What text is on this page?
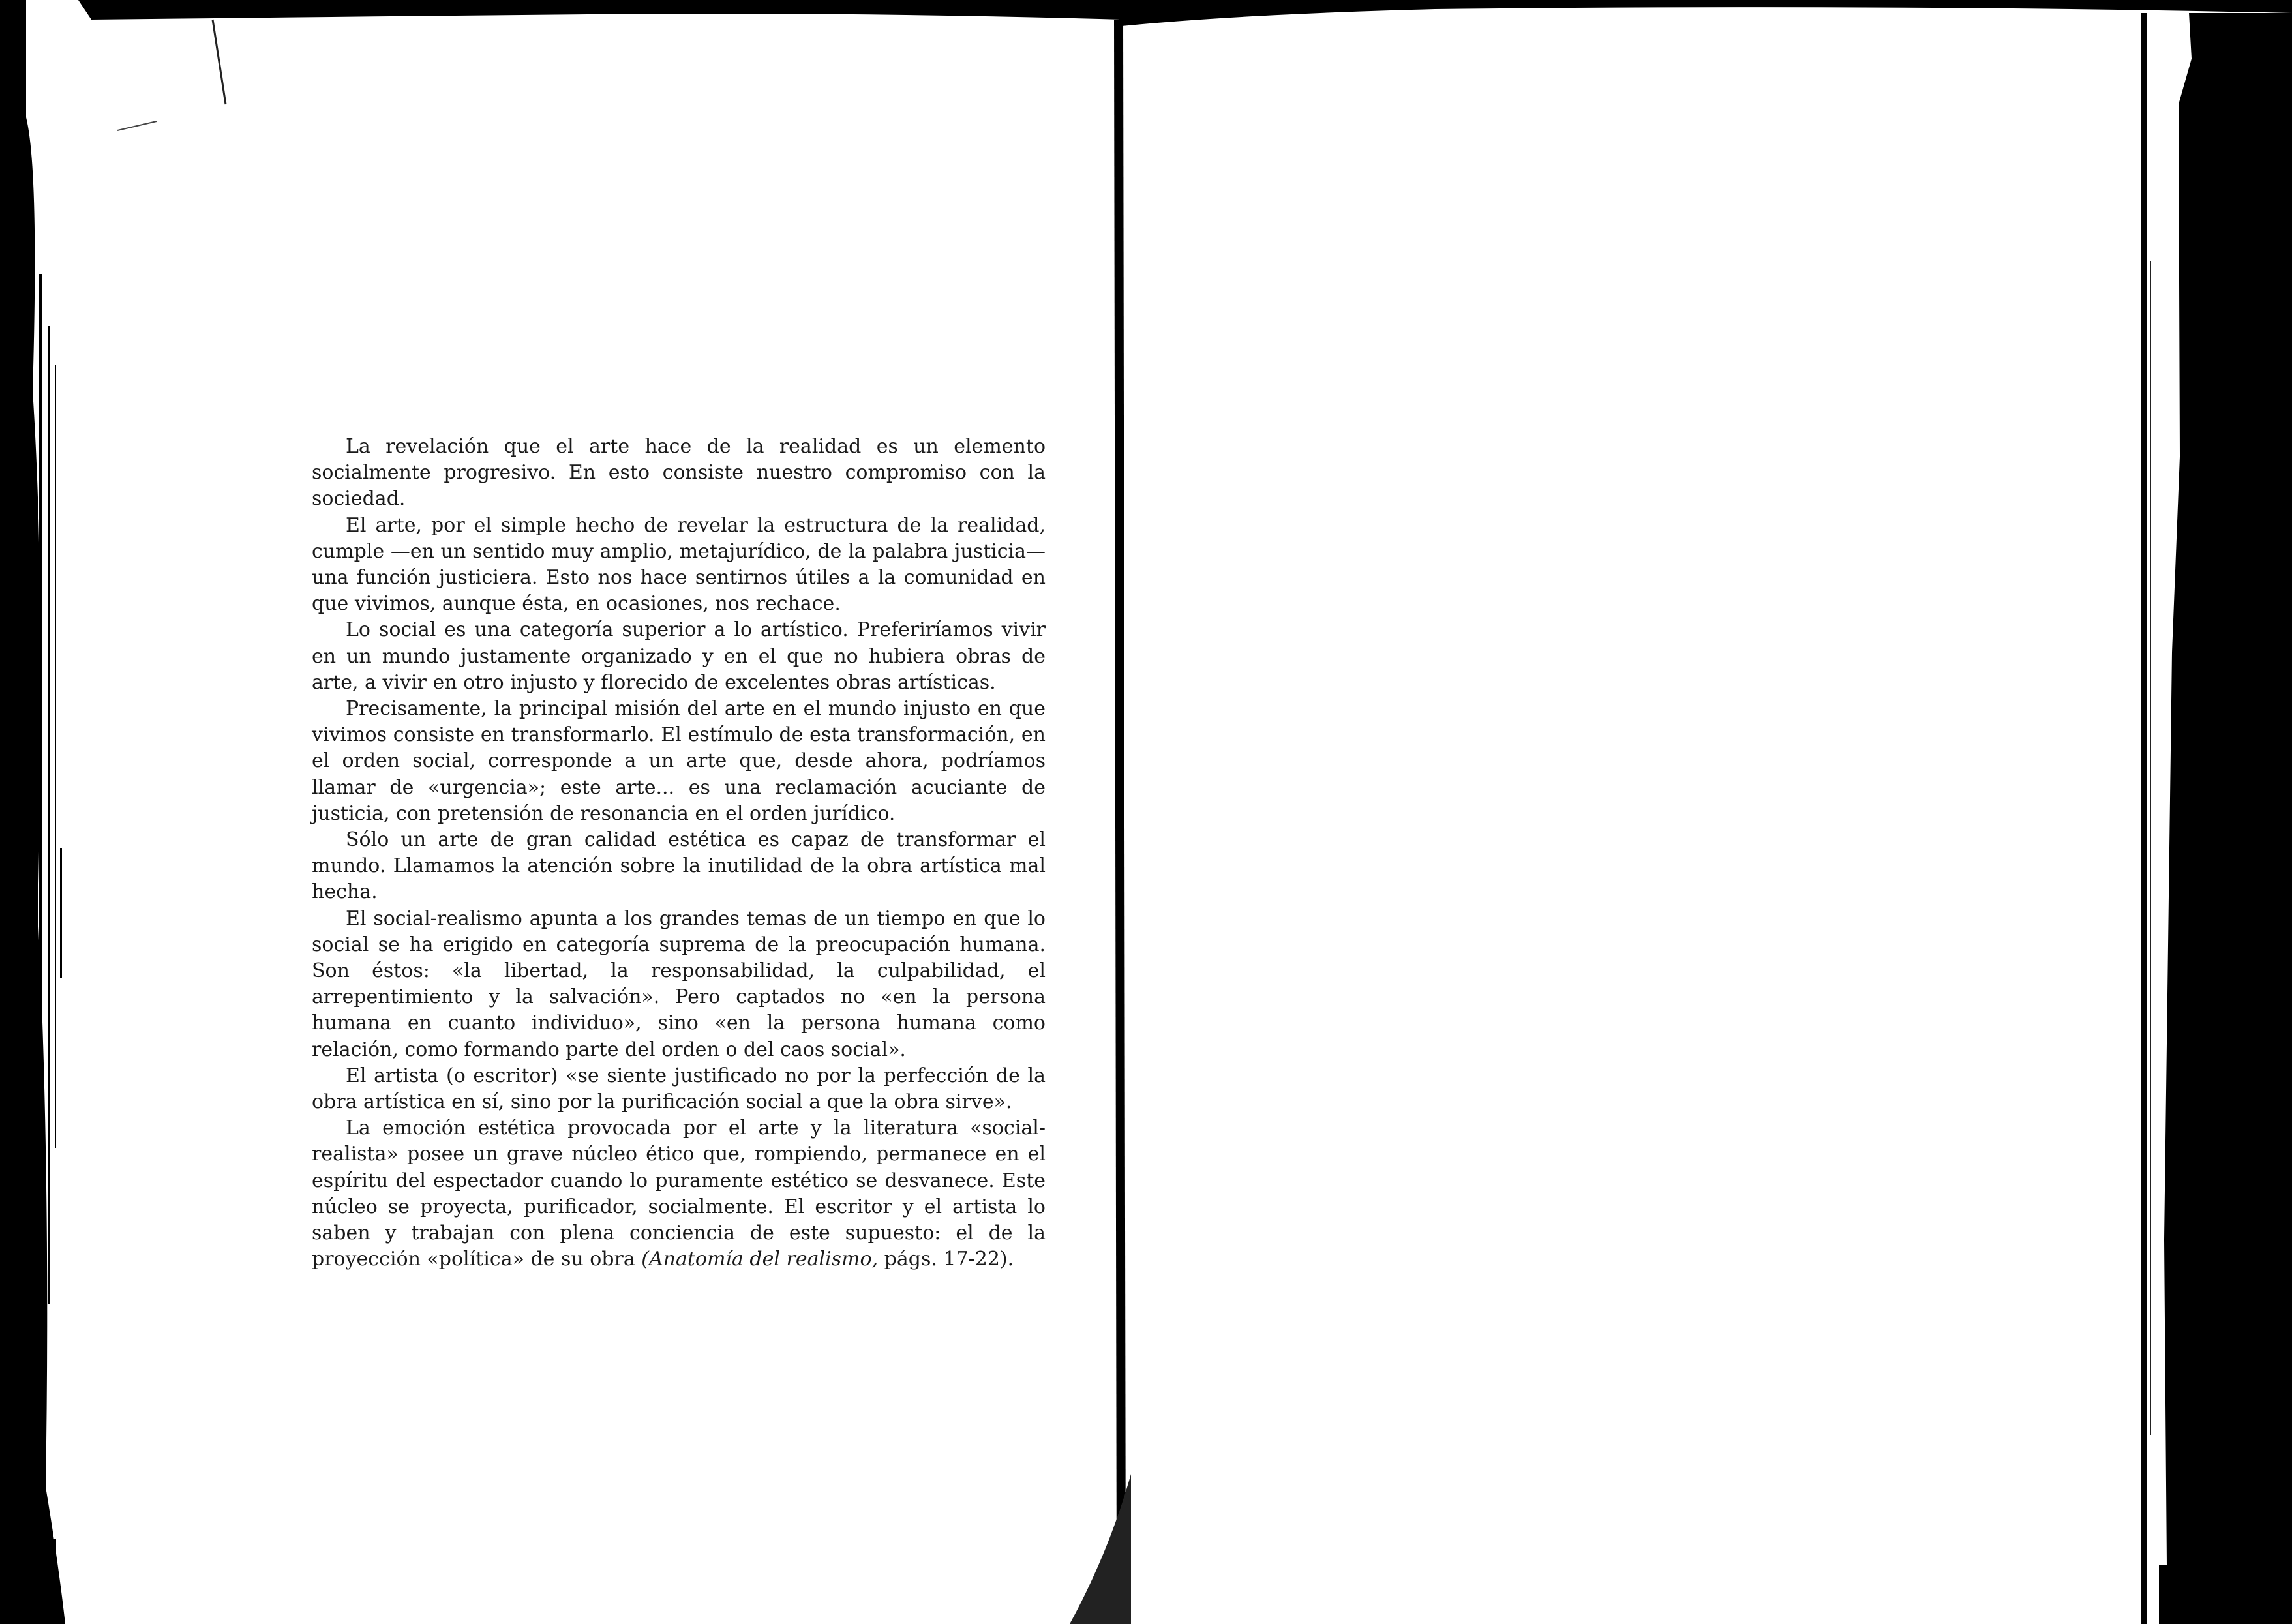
La revelación que el arte hace de la realidad es un elemento socialmente progresivo. En esto consiste nuestro compromiso con la sociedad.

El arte, por el simple hecho de revelar la estructura de la realidad, cumple —en un sentido muy amplio, metajurídico, de la palabra justicia— una función justiciera. Esto nos hace sentirnos útiles a la comunidad en que vivimos, aunque ésta, en ocasiones, nos rechace.

Lo social es una categoría superior a lo artístico. Preferiríamos vivir en un mundo justamente organizado y en el que no hubiera obras de arte, a vivir en otro injusto y florecido de excelentes obras artísticas.

Precisamente, la principal misión del arte en el mundo injusto en que vivimos consiste en transformarlo. El estímulo de esta transformación, en el orden social, corresponde a un arte que, desde ahora, podríamos llamar de «urgencia»; este arte... es una reclamación acuciante de justicia, con pretensión de resonancia en el orden jurídico.

Sólo un arte de gran calidad estética es capaz de transformar el mundo. Llamamos la atención sobre la inutilidad de la obra artística mal hecha.

El social-realismo apunta a los grandes temas de un tiempo en que lo social se ha erigido en categoría suprema de la preocupación humana. Son éstos: «la libertad, la responsabilidad, la culpabilidad, el arrepentimiento y la salvación». Pero captados no «en la persona humana en cuanto individuo», sino «en la persona humana como relación, como formando parte del orden o del caos social».

El artista (o escritor) «se siente justificado no por la perfección de la obra artística en sí, sino por la purificación social a que la obra sirve».

La emoción estética provocada por el arte y la literatura «social-realista» posee un grave núcleo ético que, rompiendo, permanece en el espíritu del espectador cuando lo puramente estético se desvanece. Este núcleo se proyecta, purificador, socialmente. El escritor y el artista lo saben y trabajan con plena conciencia de este supuesto: el de la proyección «política» de su obra (Anatomía del realismo, págs. 17-22).
